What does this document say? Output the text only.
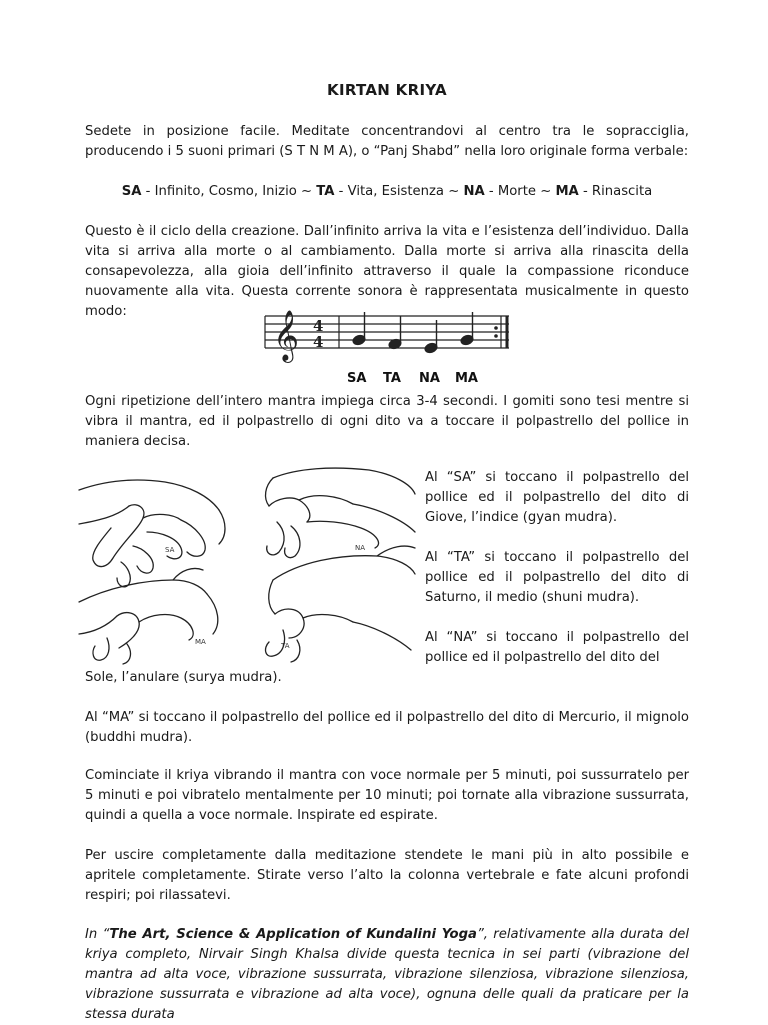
KIRTAN KRIYA

Sedete in posizione facile. Meditate concentrandovi al centro tra le sopracciglia, producendo i 5 suoni primari (S T N M A), o “Panj Shabd” nella loro originale forma verbale:

SA - Infinito, Cosmo, Inizio ~ TA - Vita, Esistenza ~ NA - Morte ~ MA - Rinascita

Questo è il ciclo della creazione. Dall’infinito arriva la vita e l’esistenza dell’individuo. Dalla vita si arriva alla morte o al cambiamento. Dalla morte si arriva alla rinascita della consapevolezza, alla gioia dell’infinito attraverso il quale la compassione riconduce nuovamente alla vita. Questa corrente sonora è rappresentata musicalmente in questo modo:	𝄞 4
4
SA TA NA MA

Ogni ripetizione dell’intero mantra impiega circa 3-4 secondi. I gomiti sono tesi mentre si vibra il mantra, ed il polpastrello di ogni dito va a toccare il polpastrello del pollice in maniera decisa.

SA	NA
TA
MA

Al “SA” si toccano il polpastrello del pollice ed il polpastrello del dito di Giove, l’indice (gyan mudra).

Al “TA” si toccano il polpastrello del pollice ed il polpastrello del dito di Saturno, il medio (shuni mudra).

Al “NA” si toccano il polpastrello del pollice ed il polpastrello del dito del

Sole, l’anulare (surya mudra).

Al “MA” si toccano il polpastrello del pollice ed il polpastrello del dito di Mercurio, il mignolo (buddhi mudra).

Cominciate il kriya vibrando il mantra con voce normale per 5 minuti, poi sussurratelo per 5 minuti e poi vibratelo mentalmente per 10 minuti; poi tornate alla vibrazione sussurrata, quindi a quella a voce normale. Inspirate ed espirate.

Per uscire completamente dalla meditazione stendete le mani più in alto possibile e apritele completamente. Stirate verso l’alto la colonna vertebrale e fate alcuni profondi respiri; poi rilassatevi.

In “The Art, Science & Application of Kundalini Yoga”, relativamente alla durata del kriya completo, Nirvair Singh Khalsa divide questa tecnica in sei parti (vibrazione del mantra ad alta voce, vibrazione sussurrata, vibrazione silenziosa, vibrazione silenziosa, vibrazione sussurrata e vibrazione ad alta voce), ognuna delle quali da praticare per la stessa durata
